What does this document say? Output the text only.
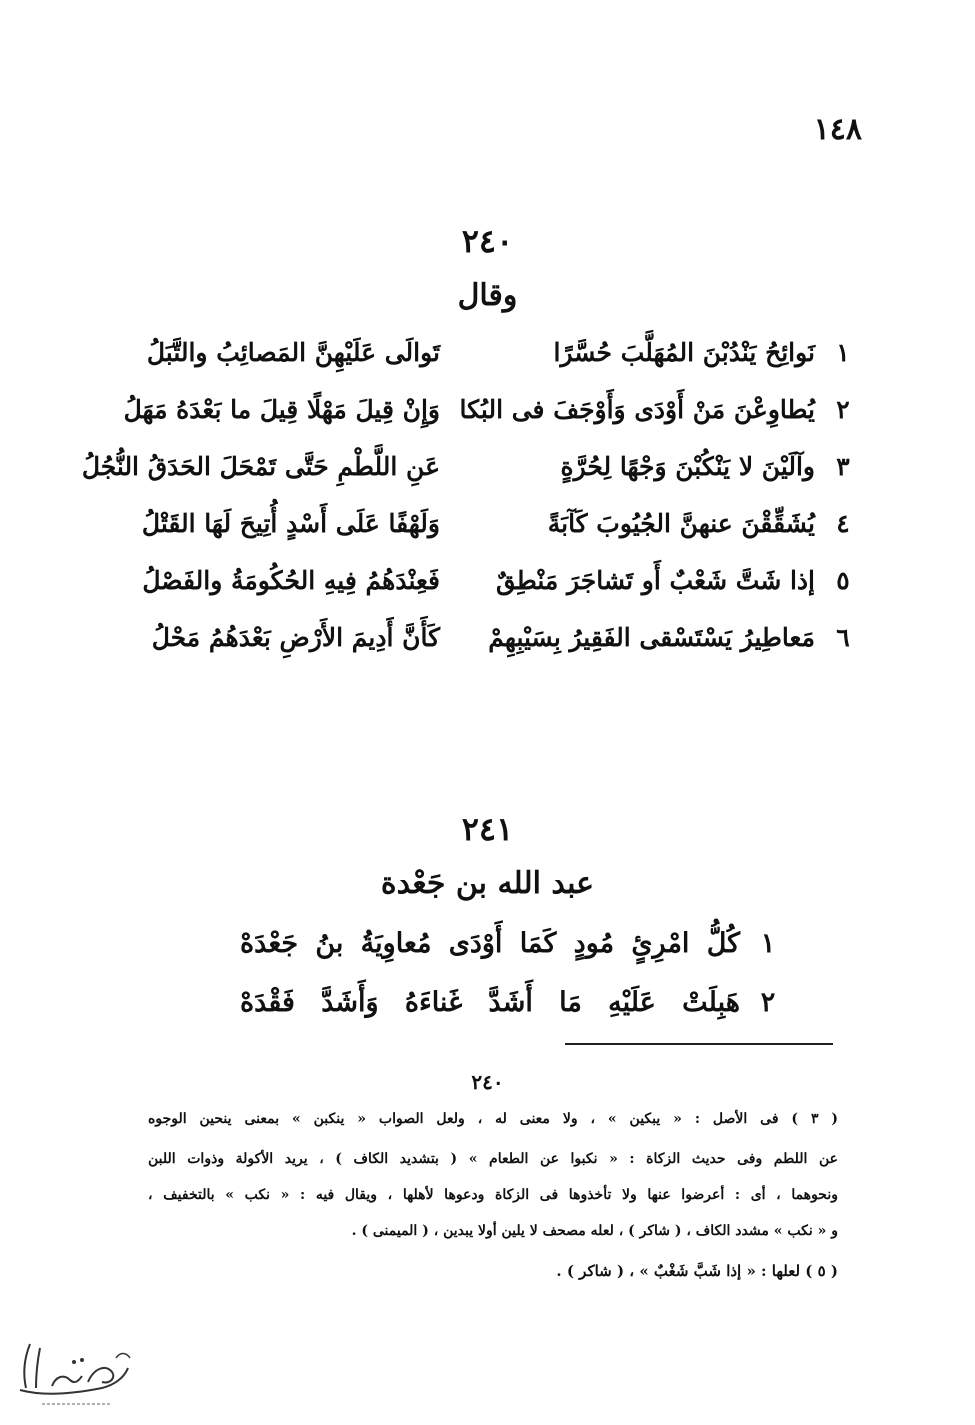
١٤٨
٢٤٠
وقال
١
نَوائِحُ يَنْدُبْنَ المُهَلَّبَ حُسَّرًا
تَوالَى عَلَيْهِنَّ المَصائِبُ والتَّبَلُ
٢
يُطاوِعْنَ مَنْ أَوْدَى وَأَوْجَفَ فى البُكا
وَإِنْ قِيلَ مَهْلًا قِيلَ ما بَعْدَهُ مَهَلُ
٣
وآلَيْنَ لا يَنْكُبْنَ وَجْهًا لِحُرَّةٍ
عَنِ اللَّطْمِ حَتَّى تَمْحَلَ الحَدَقُ النُّجُلُ
٤
يُشَقِّقْنَ عنهنَّ الجُيُوبَ كَآبَةً
وَلَهْفًا عَلَى أَسْدٍ أُتِيحَ لَهَا القَتْلُ
٥
إذا شَتَّ شَعْبٌ أَو تَشاجَرَ مَنْطِقٌ
فَعِنْدَهُمُ فِيهِ الحُكُومَةُ والفَصْلُ
٦
مَعاطِيرُ يَسْتَسْقى الفَقِيرُ بِسَيْبِهِمْ
كَأَنَّ أَدِيمَ الأَرْضِ بَعْدَهُمُ مَحْلُ
٢٤١
عبد الله بن جَعْدة
١
كُلُّ امْرِئٍ مُودٍ كَمَا أَوْدَى مُعاوِيَةُ بنُ جَعْدَهْ
٢
هَبِلَتْ عَلَيْهِ مَا أَشَدَّ غَناءَهُ وَأَشَدَّ فَقْدَهْ
٢٤٠
( ٣ ) فى الأصل : « يبكين » ، ولا معنى له ، ولعل الصواب « ينكبن » بمعنى ينحين الوجوه
عن اللطم وفى حديث الزكاة : « نكبوا عن الطعام » ( بتشديد الكاف ) ، يريد الأكولة وذوات اللبن
ونحوهما ، أى : أعرضوا عنها ولا تأخذوها فى الزكاة ودعوها لأهلها ، ويقال فيه : « نكب » بالتخفيف ،
و « نكب » مشدد الكاف ، ( شاكر ) ، لعله مصحف لا يلين أولا يبدين ، ( الميمنى ) .
( ٥ ) لعلها : « إذا شَبَّ شَغْبٌ » ، ( شاكر ) .
